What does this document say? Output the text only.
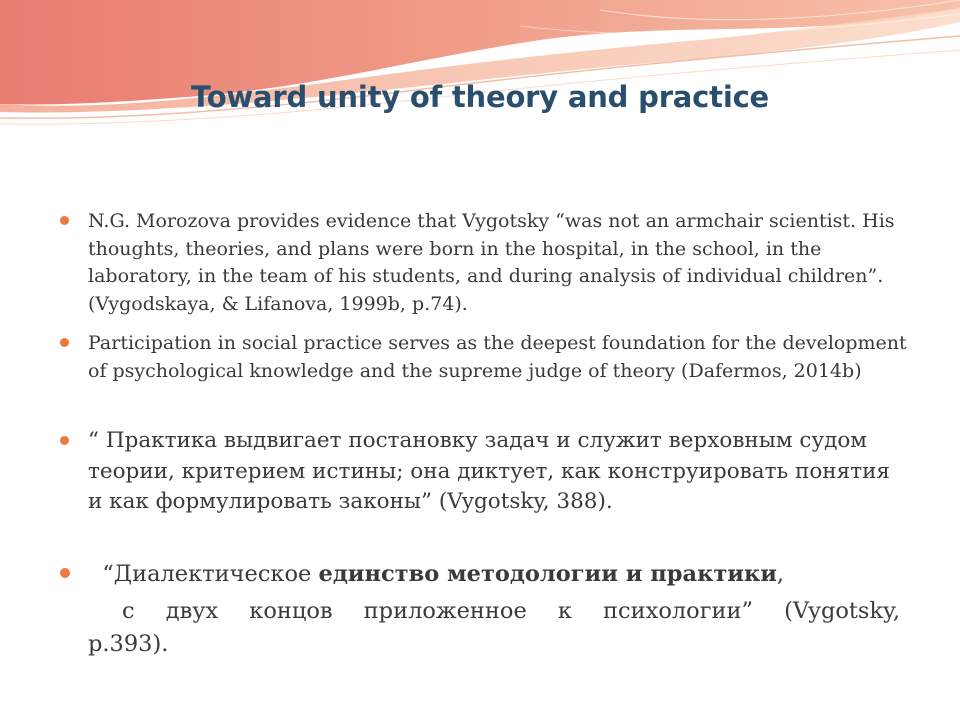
Toward unity of theory and practice
N.G. Morozova provides evidence that Vygotsky “was not an armchair scientist. His thoughts, theories, and plans were born in the hospital, in the school, in the laboratory, in the team of his students, and during analysis of individual children”. (Vygodskaya, & Lifanova, 1999b, p.74).
Participation in social practice serves as the deepest foundation for the development of psychological knowledge and the supreme judge of theory (Dafermos, 2014b)
“ Практика выдвигает постановку задач и служит верховным судом теории, критерием истины; она диктует, как конструировать понятия и как формулировать законы” (Vygotsky, 388).
“Диалектическое единство методологии и практики,
с двух концов приложенное к психологии” (Vygotsky,
p.393).
